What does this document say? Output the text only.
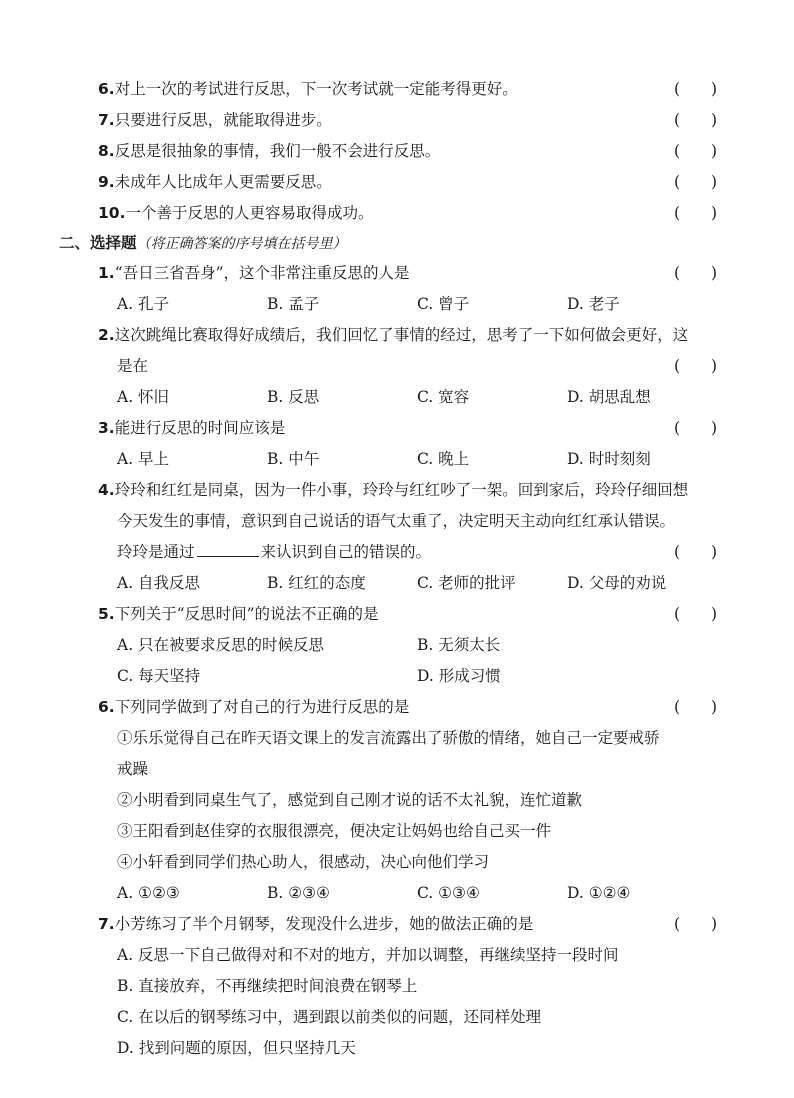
6.对上一次的考试进行反思，下一次考试就一定能考得更好。	(　　)
7.只要进行反思，就能取得进步。	(　　)
8.反思是很抽象的事情，我们一般不会进行反思。	(　　)
9.未成年人比成年人更需要反思。	(　　)
10.一个善于反思的人更容易取得成功。	(　　)
二、选择题（将正确答案的序号填在括号里）
1.“吾日三省吾身”，这个非常注重反思的人是	(　　)
A. 孔子	B. 孟子	C. 曾子	D. 老子
2.这次跳绳比赛取得好成绩后，我们回忆了事情的经过，思考了一下如何做会更好，这
是在	(　　)
A. 怀旧	B. 反思	C. 宽容	D. 胡思乱想
3.能进行反思的时间应该是	(　　)
A. 早上	B. 中午	C. 晚上	D. 时时刻刻
4.玲玲和红红是同桌，因为一件小事，玲玲与红红吵了一架。回到家后，玲玲仔细回想
今天发生的事情，意识到自己说话的语气太重了，决定明天主动向红红承认错误。
玲玲是通过	来认识到自己的错误的。	(　　)
A. 自我反思	B. 红红的态度	C. 老师的批评	D. 父母的劝说
5.下列关于“反思时间”的说法不正确的是	(　　)
A. 只在被要求反思的时候反思	B. 无须太长
C. 每天坚持	D. 形成习惯
6.下列同学做到了对自己的行为进行反思的是	(　　)
①乐乐觉得自己在昨天语文课上的发言流露出了骄傲的情绪，她自己一定要戒骄
戒躁
②小明看到同桌生气了，感觉到自己刚才说的话不太礼貌，连忙道歉
③王阳看到赵佳穿的衣服很漂亮，便决定让妈妈也给自己买一件
④小轩看到同学们热心助人，很感动，决心向他们学习
A. ①②③	B. ②③④	C. ①③④	D. ①②④
7.小芳练习了半个月钢琴，发现没什么进步，她的做法正确的是	(　　)
A. 反思一下自己做得对和不对的地方，并加以调整，再继续坚持一段时间
B. 直接放弃，不再继续把时间浪费在钢琴上
C. 在以后的钢琴练习中，遇到跟以前类似的问题，还同样处理
D. 找到问题的原因，但只坚持几天
